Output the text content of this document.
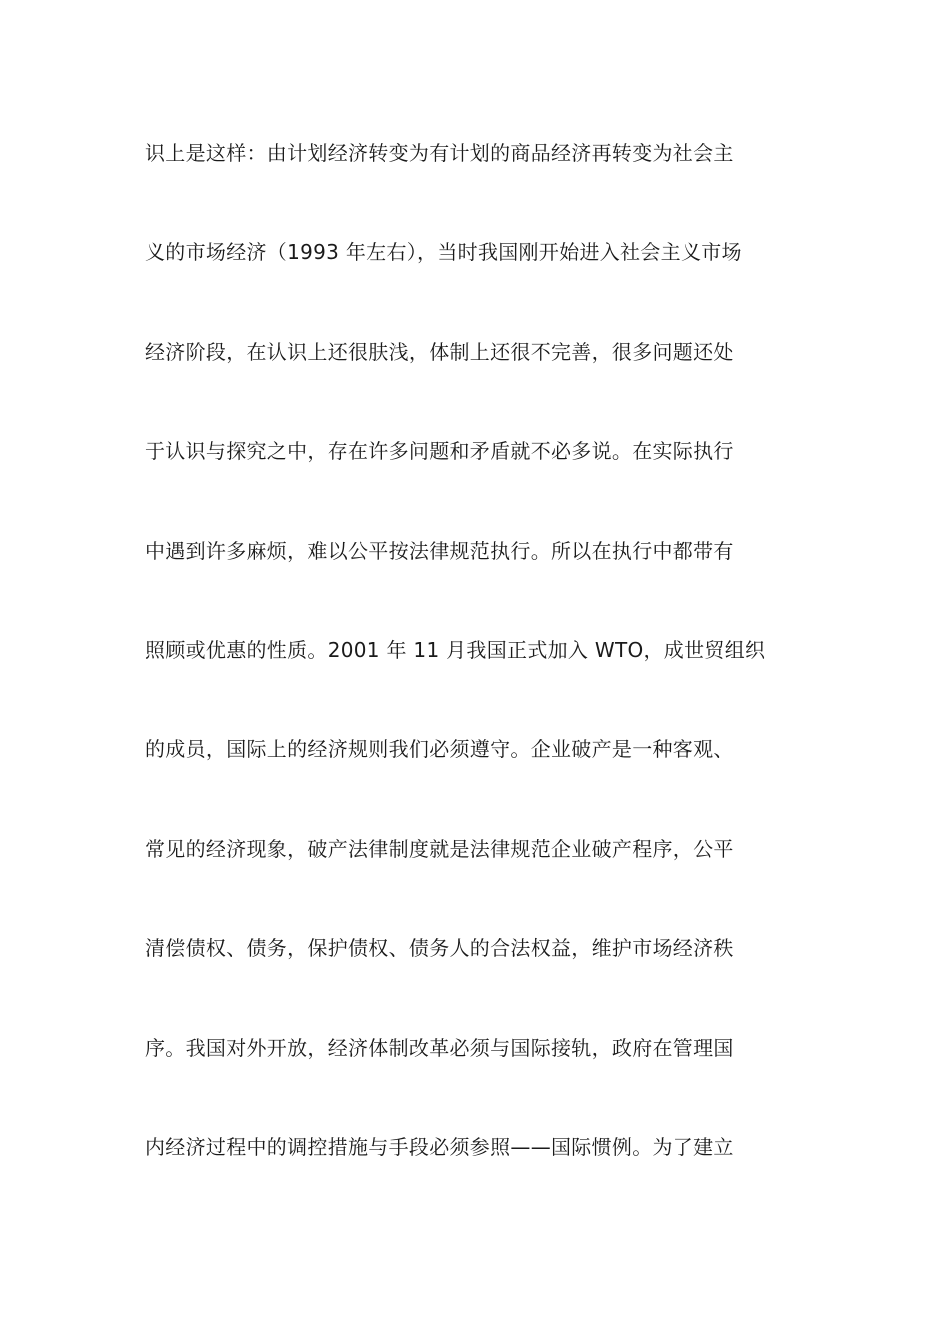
识上是这样：由计划经济转变为有计划的商品经济再转变为社会主
义的市场经济（1993 年左右），当时我国刚开始进入社会主义市场
经济阶段，在认识上还很肤浅，体制上还很不完善，很多问题还处
于认识与探究之中，存在许多问题和矛盾就不必多说。在实际执行
中遇到许多麻烦，难以公平按法律规范执行。所以在执行中都带有
照顾或优惠的性质。2001 年 11 月我国正式加入 WTO，成世贸组织
的成员，国际上的经济规则我们必须遵守。企业破产是一种客观、
常见的经济现象，破产法律制度就是法律规范企业破产程序，公平
清偿债权、债务，保护债权、债务人的合法权益，维护市场经济秩
序。我国对外开放，经济体制改革必须与国际接轨，政府在管理国
内经济过程中的调控措施与手段必须参照——国际惯例。为了建立
